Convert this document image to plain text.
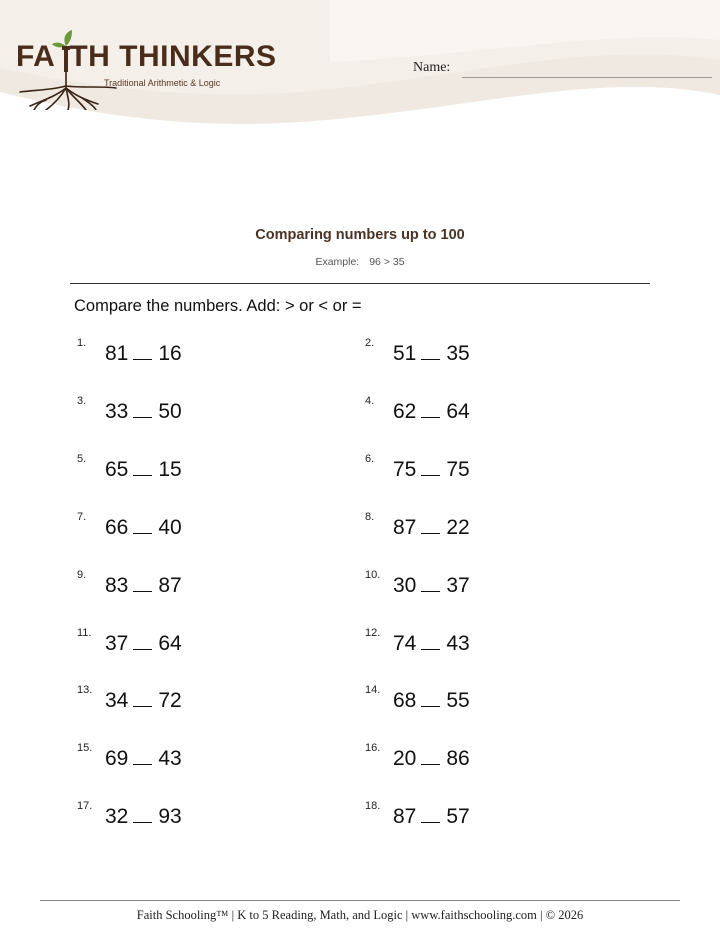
FA TH THINKERS
Traditional Arithmetic & Logic
Name:
Comparing numbers up to 100
Example: 96 > 35
Compare the numbers. Add: > or < or =
1. 81 16	2. 51 35
3. 33 50	4. 62 64
5. 65 15	6. 75 75
7. 66 40	8. 87 22
9. 83 87	10. 30 37
11. 37 64	12. 74 43
13. 34 72	14. 68 55
15. 69 43	16. 20 86
17. 32 93	18. 87 57
Faith Schooling™ | K to 5 Reading, Math, and Logic | www.faithschooling.com | © 2026
